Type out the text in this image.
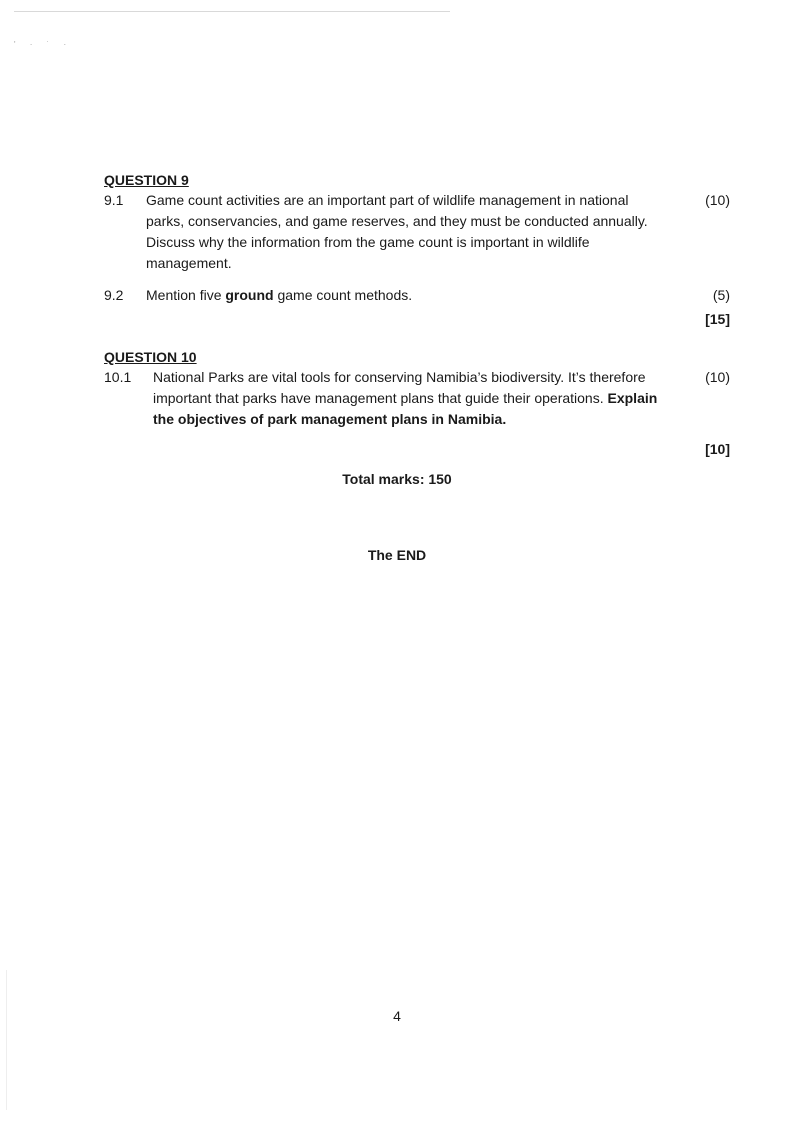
' · ˙ ·

QUESTION 9

9.1	Game count activities are an important part of wildlife management in national parks, conservancies, and game reserves, and they must be conducted annually. Discuss why the information from the game count is important in wildlife management.
(10)
9.2	Mention five ground game count methods.	(5)
[15]

QUESTION 10

10.1	National Parks are vital tools for conserving Namibia’s biodiversity. It’s therefore important that parks have management plans that guide their operations. Explain the objectives of park management plans in Namibia.
(10)
[10]
Total marks: 150
The END
4
